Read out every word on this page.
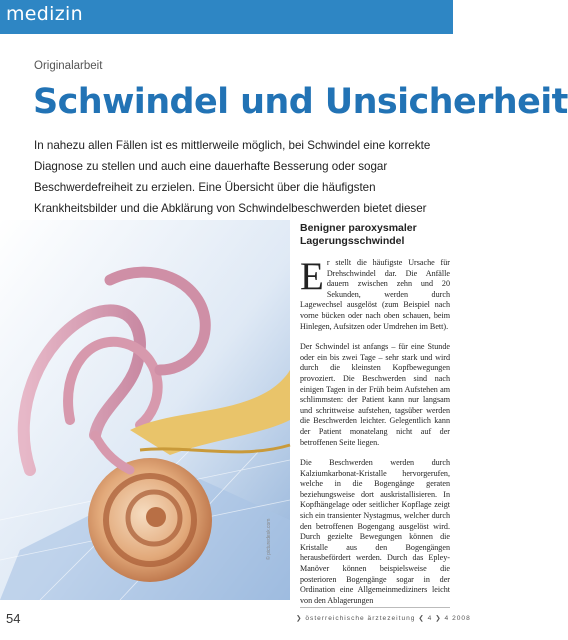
medizin
Originalarbeit
Schwindel und Unsicherheit
In nahezu allen Fällen ist es mittlerweile möglich, bei Schwindel eine korrekte Diagnose zu stellen und auch eine dauerhafte Besserung oder sogar Beschwerdefreiheit zu erzielen. Eine Übersicht über die häufigsten Krankheitsbilder und die Abklärung von Schwindelbeschwerden bietet dieser
© picturedesk.com

Benigner paroxysmaler Lagerungsschwindel

Er stellt die häufigste Ursache für Drehschwindel dar. Die Anfälle dauern zwischen zehn und 20 Sekunden, werden durch Lagewechsel ausgelöst (zum Beispiel nach vorne bücken oder nach oben schauen, beim Hinlegen, Aufsitzen oder Umdrehen im Bett).

Der Schwindel ist anfangs – für eine Stunde oder ein bis zwei Tage – sehr stark und wird durch die kleinsten Kopfbewegungen provoziert. Die Beschwerden sind nach einigen Tagen in der Früh beim Aufstehen am schlimmsten: der Patient kann nur langsam und schrittweise aufstehen, tagsüber werden die Beschwerden leichter. Gelegentlich kann der Patient monatelang nicht auf der betroffenen Seite liegen.

Die Beschwerden werden durch Kalziumkarbonat-Kristalle hervorgerufen, welche in die Bogengänge geraten beziehungsweise dort auskristallisieren. In Kopfhängelage oder seitlicher Kopflage zeigt sich ein transienter Nystagmus, welcher durch den betroffenen Bogengang ausgelöst wird. Durch gezielte Bewegungen können die Kristalle aus den Bogengängen herausbefördert werden. Durch das Epley-Manöver können beispielsweise die posterioren Bogengänge sogar in der Ordination eine Allgemeinmediziners leicht von den Ablagerungen

54	❯ österreichische ärztezeitung ❮ 4 ❯ 4 2008
